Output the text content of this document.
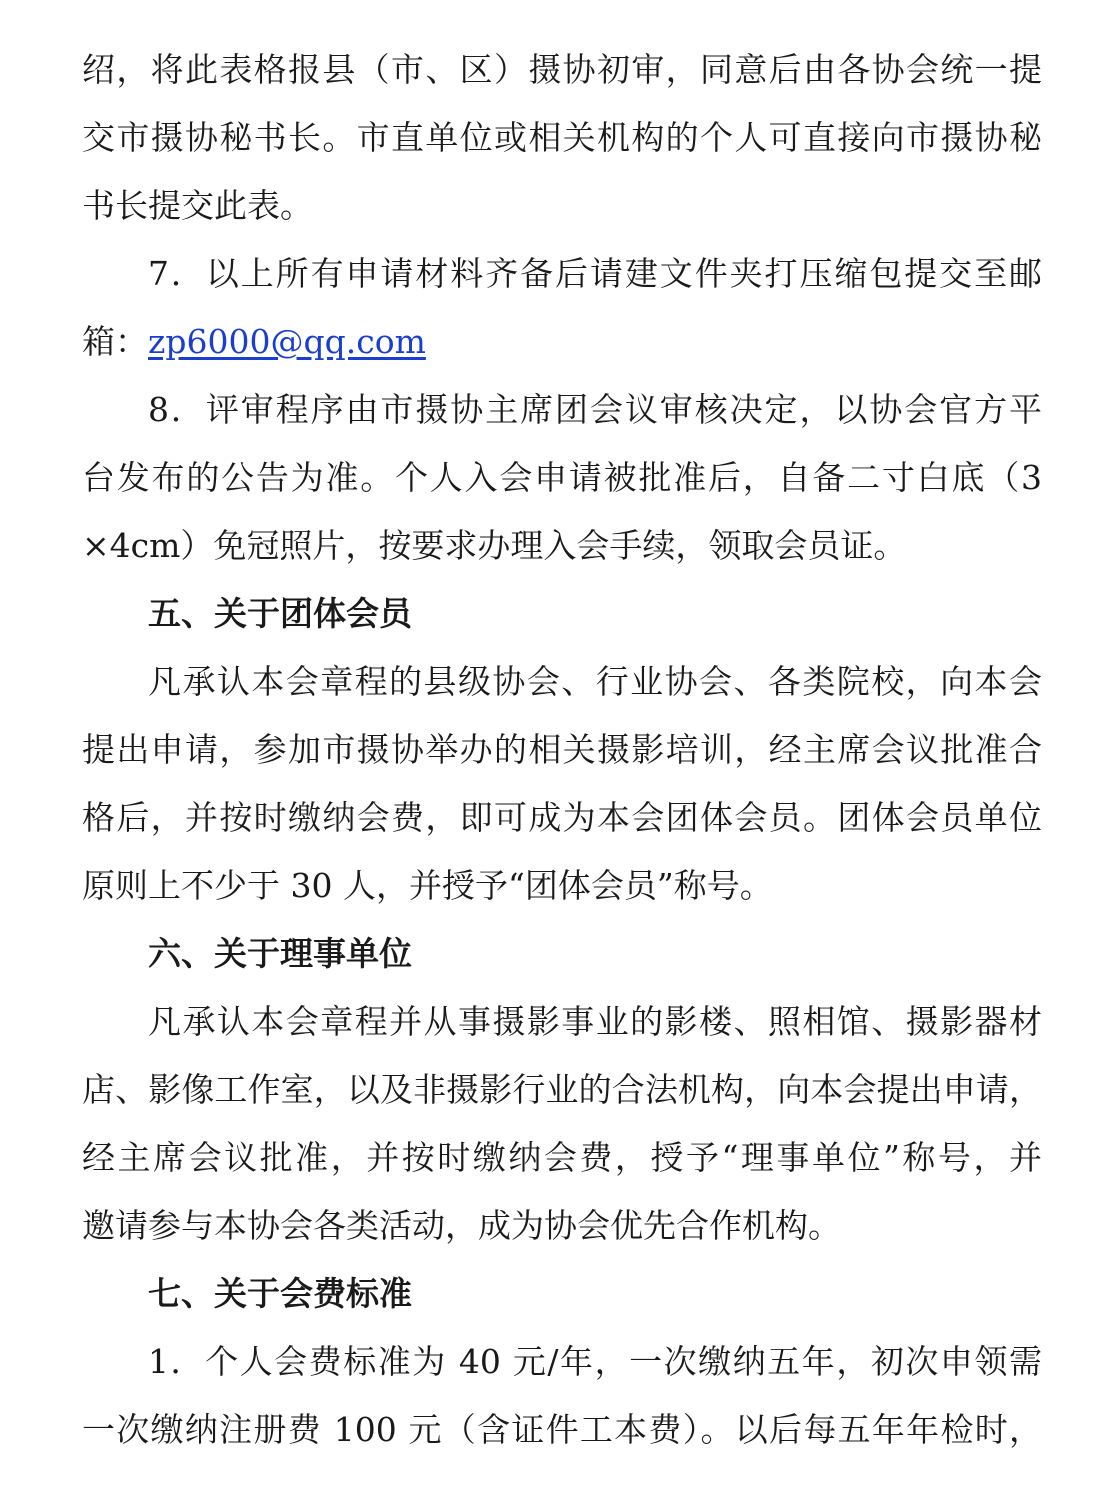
绍，将此表格报县（市、区）摄协初审，同意后由各协会统一提
交市摄协秘书长。市直单位或相关机构的个人可直接向市摄协秘
书长提交此表。
7．以上所有申请材料齐备后请建文件夹打压缩包提交至邮
箱：zp6000@qq.com
8．评审程序由市摄协主席团会议审核决定，以协会官方平
台发布的公告为准。个人入会申请被批准后，自备二寸白底（3
×4cm）免冠照片，按要求办理入会手续，领取会员证。
五、关于团体会员
凡承认本会章程的县级协会、行业协会、各类院校，向本会
提出申请，参加市摄协举办的相关摄影培训，经主席会议批准合
格后，并按时缴纳会费，即可成为本会团体会员。团体会员单位
原则上不少于 30 人，并授予“团体会员”称号。
六、关于理事单位
凡承认本会章程并从事摄影事业的影楼、照相馆、摄影器材
店、影像工作室，以及非摄影行业的合法机构，向本会提出申请，
经主席会议批准，并按时缴纳会费，授予“理事单位”称号，并
邀请参与本协会各类活动，成为协会优先合作机构。
七、关于会费标准
1．个人会费标准为 40 元/年，一次缴纳五年，初次申领需
一次缴纳注册费 100 元（含证件工本费）。以后每五年年检时，
